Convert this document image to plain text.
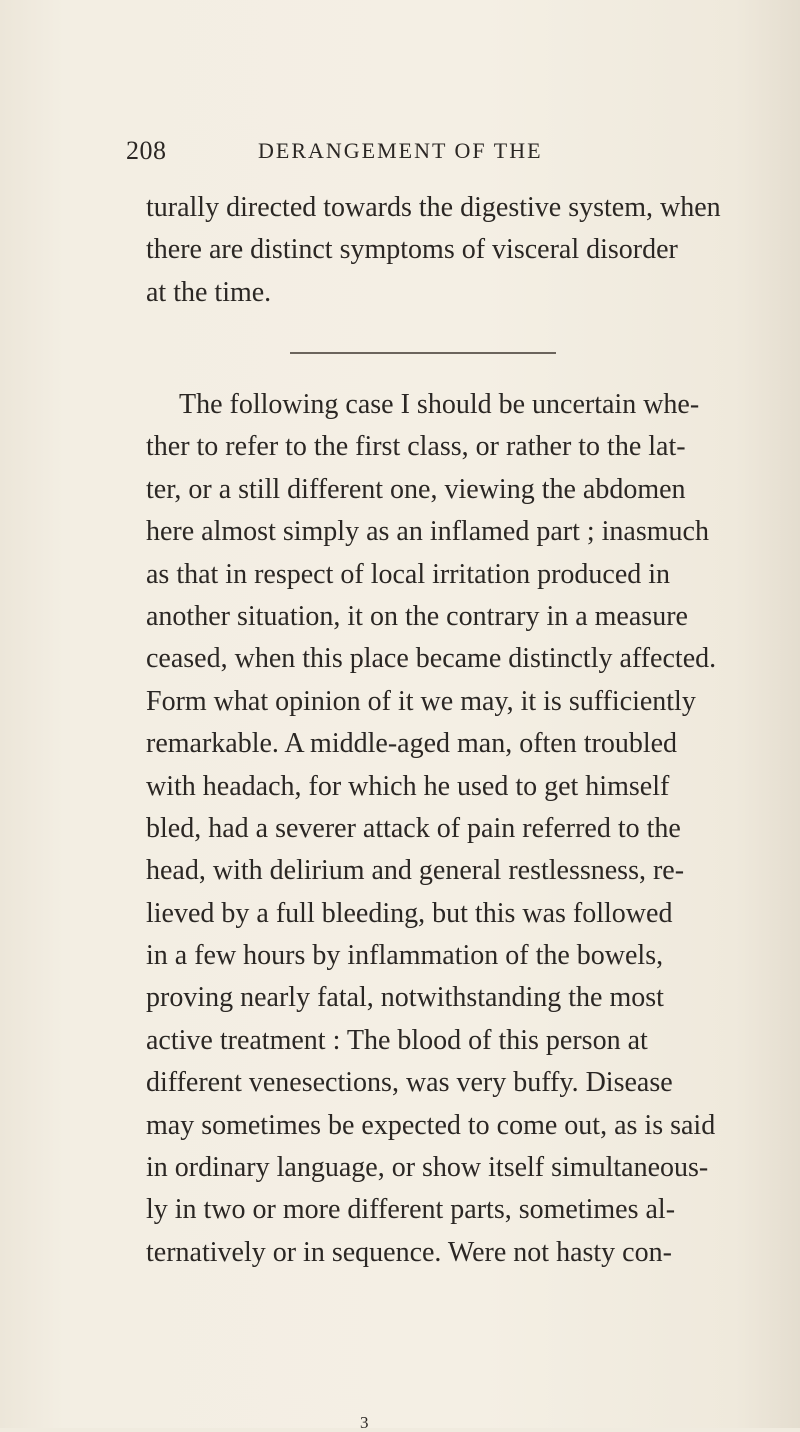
208	DERANGEMENT OF THE
turally directed towards the digestive system, when
there are distinct symptoms of visceral disorder
at the time.
The following case I should be uncertain whe-
ther to refer to the first class, or rather to the lat-
ter, or a still different one, viewing the abdomen
here almost simply as an inflamed part ; inasmuch
as that in respect of local irritation produced in
another situation, it on the contrary in a measure
ceased, when this place became distinctly affected.
Form what opinion of it we may, it is sufficiently
remarkable. A middle-aged man, often troubled
with headach, for which he used to get himself
bled, had a severer attack of pain referred to the
head, with delirium and general restlessness, re-
lieved by a full bleeding, but this was followed
in a few hours by inflammation of the bowels,
proving nearly fatal, notwithstanding the most
active treatment : The blood of this person at
different venesections, was very buffy. Disease
may sometimes be expected to come out, as is said
in ordinary language, or show itself simultaneous-
ly in two or more different parts, sometimes al-
ternatively or in sequence. Were not hasty con-
3
